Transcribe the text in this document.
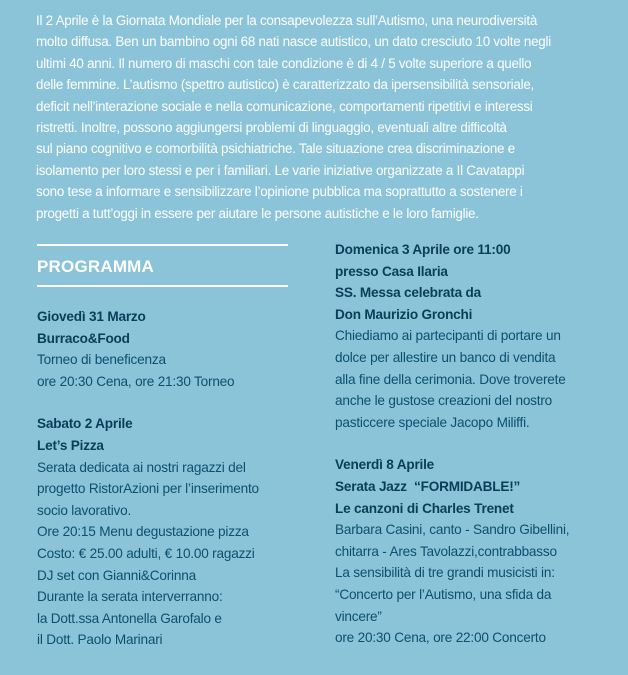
Il 2 Aprile è la Giornata Mondiale per la consapevolezza sull’Autismo, una neurodiversità
molto diffusa. Ben un bambino ogni 68 nati nasce autistico, un dato cresciuto 10 volte negli
ultimi 40 anni. Il numero di maschi con tale condizione è di 4 / 5 volte superiore a quello
delle femmine. L’autismo (spettro autistico) è caratterizzato da ipersensibilità sensoriale,
deficit nell’interazione sociale e nella comunicazione, comportamenti ripetitivi e interessi
ristretti. Inoltre, possono aggiungersi problemi di linguaggio, eventuali altre difficoltà
sul piano cognitivo e comorbilità psichiatriche. Tale situazione crea discriminazione e
isolamento per loro stessi e per i familiari. Le varie iniziative organizzate a Il Cavatappi
sono tese a informare e sensibilizzare l’opinione pubblica ma soprattutto a sostenere i
progetti a tutt’oggi in essere per aiutare le persone autistiche e le loro famiglie.
PROGRAMMA
Giovedì 31 Marzo
Burraco&Food
Torneo di beneficenza
ore 20:30 Cena, ore 21:30 Torneo
Sabato 2 Aprile
Let’s Pizza
Serata dedicata ai nostri ragazzi del
progetto RistorAzioni per l’inserimento
socio lavorativo.
Ore 20:15 Menu degustazione pizza
Costo: € 25.00 adulti, € 10.00 ragazzi
DJ set con Gianni&Corinna
Durante la serata interverranno:
la Dott.ssa Antonella Garofalo e
il Dott. Paolo Marinari
Domenica 3 Aprile ore 11:00
presso Casa Ilaria
SS. Messa celebrata da
Don Maurizio Gronchi
Chiediamo ai partecipanti di portare un
dolce per allestire un banco di vendita
alla fine della cerimonia. Dove troverete
anche le gustose creazioni del nostro
pasticcere speciale Jacopo Miliffi.
Venerdì 8 Aprile
Serata Jazz  “FORMIDABLE!”
Le canzoni di Charles Trenet
Barbara Casini, canto - Sandro Gibellini,
chitarra - Ares Tavolazzi,contrabbasso
La sensibilità di tre grandi musicisti in:
“Concerto per l’Autismo, una sfida da
vincere”
ore 20:30 Cena, ore 22:00 Concerto
